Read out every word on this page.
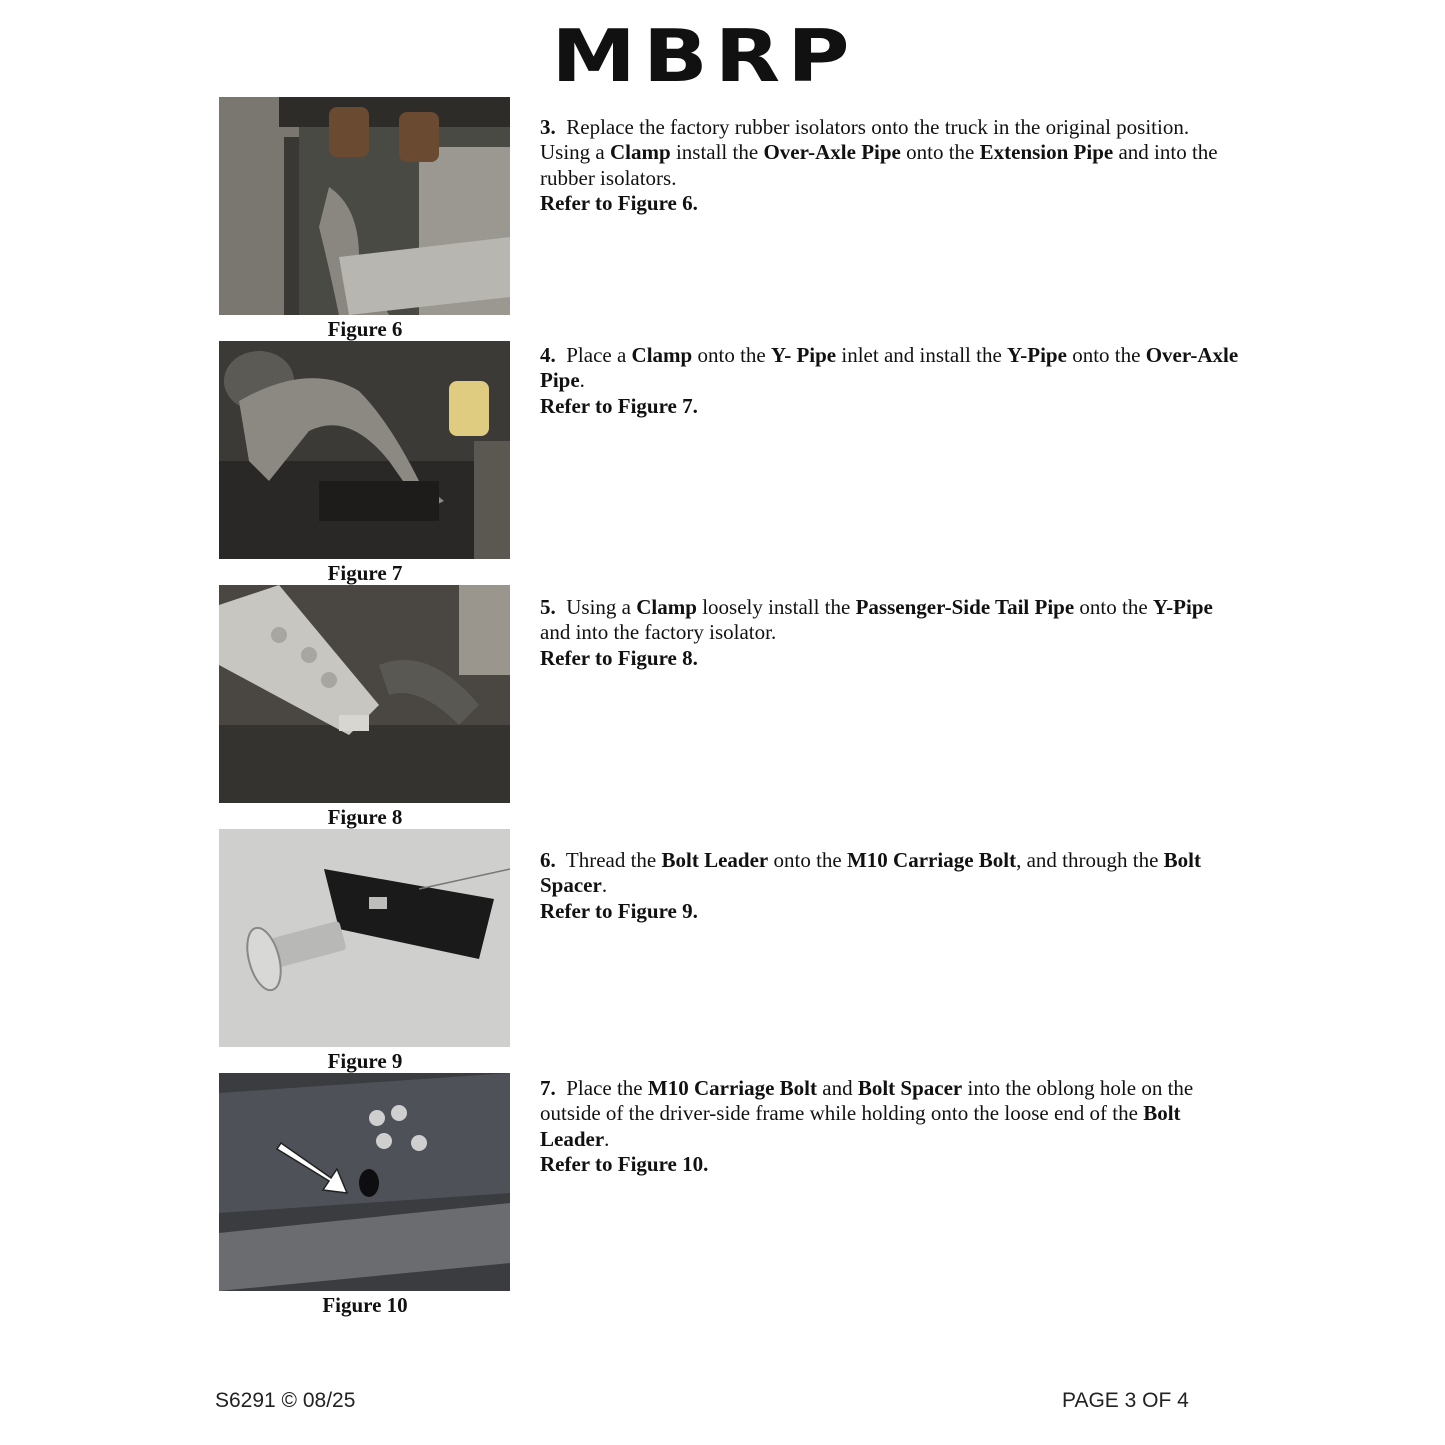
MBRP
Figure 6
3. Replace the factory rubber isolators onto the truck in the original position. Using a Clamp install the Over-Axle Pipe onto the Extension Pipe and into the rubber isolators.
Refer to Figure 6.
Figure 7
4. Place a Clamp onto the Y- Pipe inlet and install the Y-Pipe onto the Over-Axle Pipe.
Refer to Figure 7.
Figure 8
5. Using a Clamp loosely install the Passenger-Side Tail Pipe onto the Y-Pipe and into the factory isolator.
Refer to Figure 8.
Figure 9
6. Thread the Bolt Leader onto the M10 Carriage Bolt, and through the Bolt Spacer.
Refer to Figure 9.
Figure 10
7. Place the M10 Carriage Bolt and Bolt Spacer into the oblong hole on the outside of the driver-side frame while holding onto the loose end of the Bolt Leader.
Refer to Figure 10.
S6291 © 08/25	PAGE 3 OF 4
